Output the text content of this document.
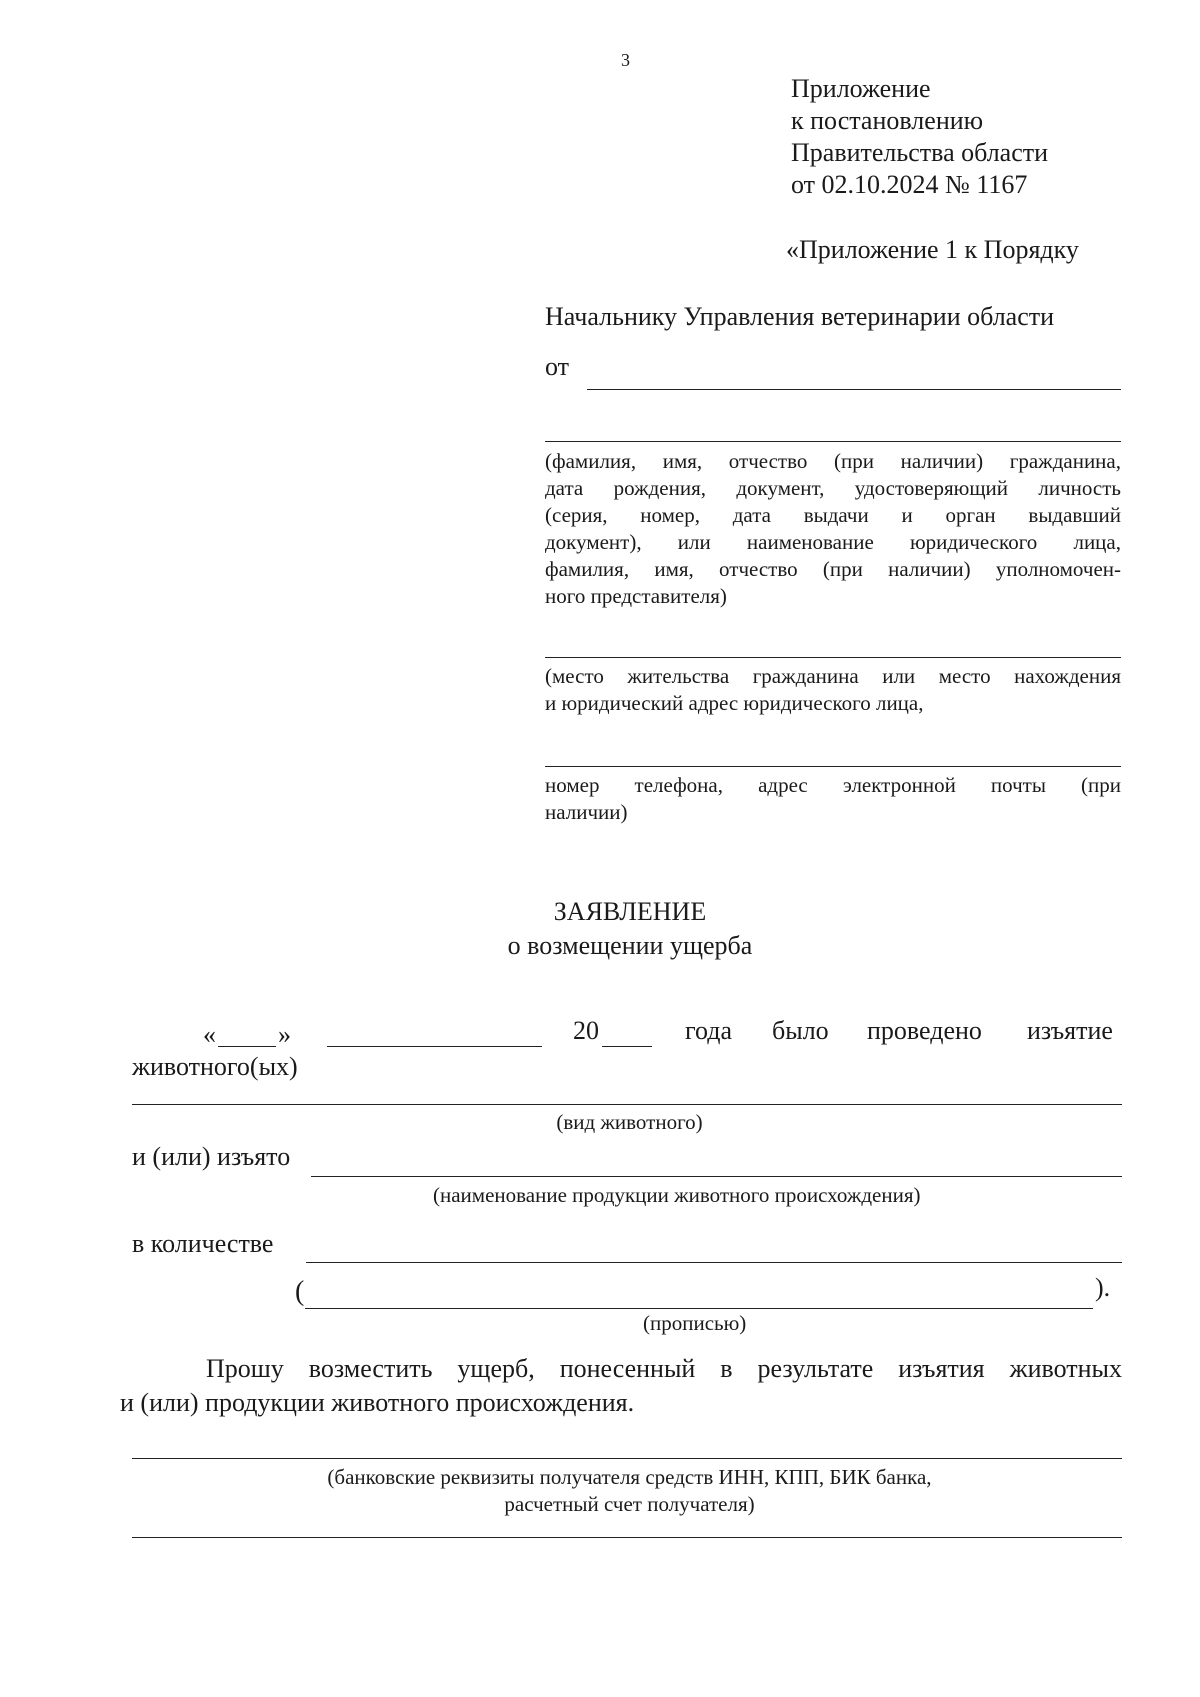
3
Приложение
к постановлению
Правительства области
от 02.10.2024 № 1167
«Приложение 1 к Порядку
Начальнику Управления ветеринарии области
от
(фамилия, имя, отчество (при наличии) гражданина,
дата рождения, документ, удостоверяющий личность
(серия, номер, дата выдачи и орган выдавший
документ), или наименование юридического лица,
фамилия, имя, отчество (при наличии) уполномочен-
ного представителя)
(место жительства гражданина или место нахождения
и юридический адрес юридического лица,
номер телефона, адрес электронной почты (при
наличии)
ЗАЯВЛЕНИЕ
о возмещении ущерба
« »	20	года было проведено изъятие
животного(ых)
(вид животного)
и (или) изъято
(наименование продукции животного происхождения)
в количестве
(	).
(прописью)
Прошу возместить ущерб, понесенный в результате изъятия животных
и (или) продукции животного происхождения.
(банковские реквизиты получателя средств ИНН, КПП, БИК банка,
расчетный счет получателя)
